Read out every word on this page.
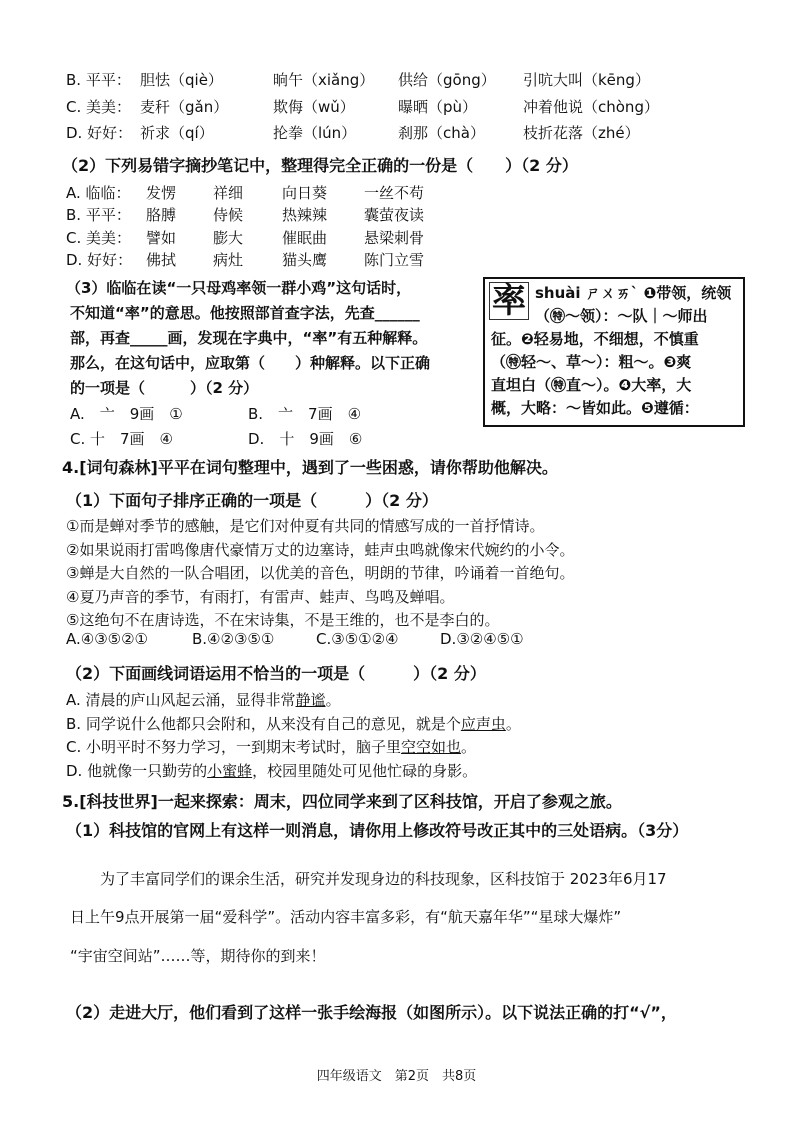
B. 平平： 胆怯（qiè）	晌午（xiǎng） 供给（gōng） 引吭大叫（kēng）
C. 美美： 麦秆（gǎn）	欺侮（wǔ）	曝晒（pù）	冲着他说（chòng）
D. 好好： 祈求（qí）	抡拳（lún）	刹那（chà）	枝折花落（zhé）
（2）下列易错字摘抄笔记中，整理得完全正确的一份是（　　）（2 分）
A. 临临： 发愣 祥细	向日葵 一丝不苟
B. 平平： 胳膊 侍候	热辣辣 囊萤夜读
C. 美美： 譬如 膨大	催眠曲 悬梁刺骨
D. 好好： 佛拭 病灶	猫头鹰 陈门立雪
（3）临临在读“一只母鸡率领一群小鸡”这句话时，
不知道“率”的意思。他按照部首查字法，先查______
部，再查_____画，发现在字典中，“率”有五种解释。
那么，在这句话中，应取第（　　）种解释。以下正确
的一项是（　　　）（2 分）
A.　亠　9画　①	B.　亠　7画　④
C. 十　7画　④	D.　十　9画　⑥
率 shuài ㄕㄨㄞˋ ❶带领，统领
（㊕～领）：～队｜～师出
征。❷轻易地，不细想，不慎重
（㊕轻～、草～）：粗～。❸爽
直坦白（㊕直～）。❹大率，大
概，大略：～皆如此。❺遵循：
4.[词句森林]平平在词句整理中，遇到了一些困惑，请你帮助他解决。
（1）下面句子排序正确的一项是（　　　）（2 分）
①而是蝉对季节的感触，是它们对仲夏有共同的情感写成的一首抒情诗。
②如果说雨打雷鸣像唐代豪情万丈的边塞诗，蛙声虫鸣就像宋代婉约的小令。
③蝉是大自然的一队合唱团，以优美的音色，明朗的节律，吟诵着一首绝句。
④夏乃声音的季节，有雨打，有雷声、蛙声、鸟鸣及蝉唱。
⑤这绝句不在唐诗选，不在宋诗集，不是王维的，也不是李白的。
A.④③⑤②①	B.④②③⑤①	C.③⑤①②④	D.③②④⑤①
（2）下面画线词语运用不恰当的一项是（　　　）（2 分）
A. 清晨的庐山风起云涌，显得非常静谧。
B. 同学说什么他都只会附和，从来没有自己的意见，就是个应声虫。
C. 小明平时不努力学习，一到期末考试时，脑子里空空如也。
D. 他就像一只勤劳的小蜜蜂，校园里随处可见他忙碌的身影。
5.[科技世界]一起来探索：周末，四位同学来到了区科技馆，开启了参观之旅。
（1）科技馆的官网上有这样一则消息，请你用上修改符号改正其中的三处语病。（3分）
为了丰富同学们的课余生活，研究并发现身边的科技现象，区科技馆于 2023年6月17
日上午9点开展第一届“爱科学”。活动内容丰富多彩，有“航天嘉年华”“星球大爆炸”
“宇宙空间站”……等，期待你的到来！
（2）走进大厅，他们看到了这样一张手绘海报（如图所示）。以下说法正确的打“√”，
四年级语文　第2页　共8页
